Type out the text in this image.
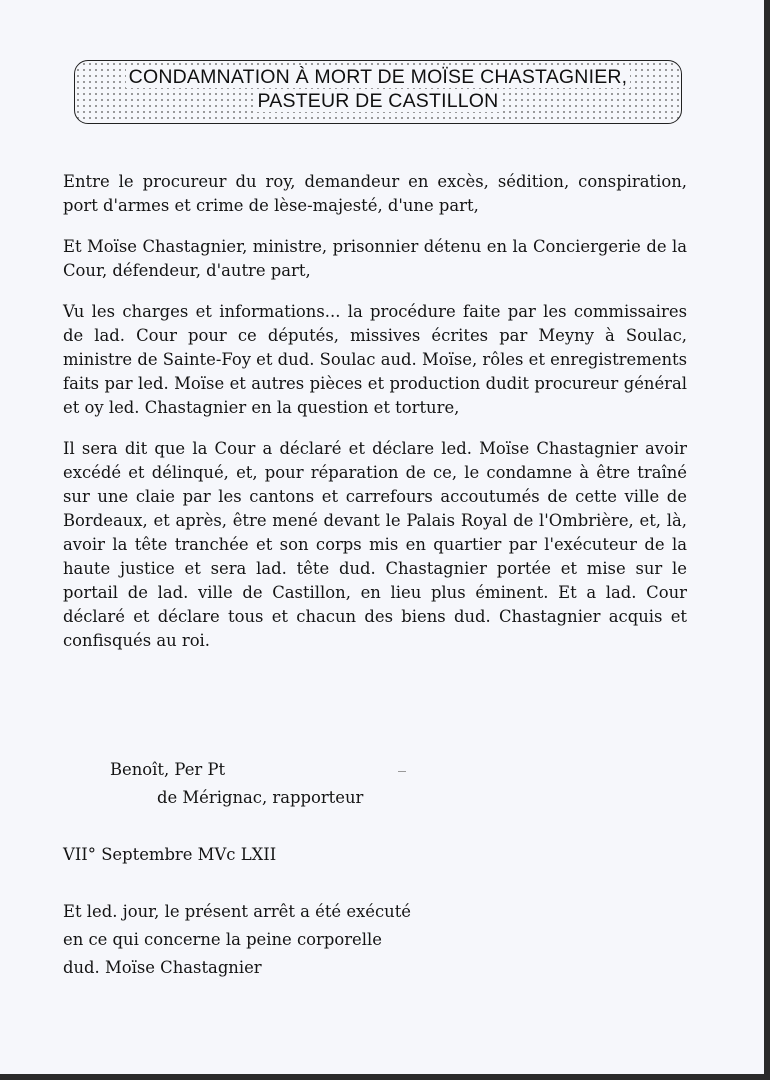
CONDAMNATION À MORT DE MOÏSE CHASTAGNIER,
PASTEUR DE CASTILLON

Entre le procureur du roy, demandeur en excès, sédition, conspiration, port d'armes et crime de lèse-majesté, d'une part,

Et Moïse Chastagnier, ministre, prisonnier détenu en la Conciergerie de la Cour, défendeur, d'autre part,

Vu les charges et informations... la procédure faite par les commissaires de lad. Cour pour ce députés, missives écrites par Meyny à Soulac, ministre de Sainte-Foy et dud. Soulac aud. Moïse, rôles et enregistrements faits par led. Moïse et autres pièces et production dudit procureur général et oy led. Chastagnier en la question et torture,

Il sera dit que la Cour a déclaré et déclare led. Moïse Chastagnier avoir excédé et délinqué, et, pour réparation de ce, le condamne à être traîné sur une claie par les cantons et carrefours accoutumés de cette ville de Bordeaux, et après, être mené devant le Palais Royal de l'Ombrière, et, là, avoir la tête tranchée et son corps mis en quartier par l'exécuteur de la haute justice et sera lad. tête dud. Chastagnier portée et mise sur le portail de lad. ville de Castillon, en lieu plus éminent. Et a lad. Cour déclaré et déclare tous et chacun des biens dud. Chastagnier acquis et confisqués au roi.

Benoît, Per Pt
de Mérignac, rapporteur
VII° Septembre MVc LXII
Et led. jour, le présent arrêt a été exécuté
en ce qui concerne la peine corporelle
dud. Moïse Chastagnier
